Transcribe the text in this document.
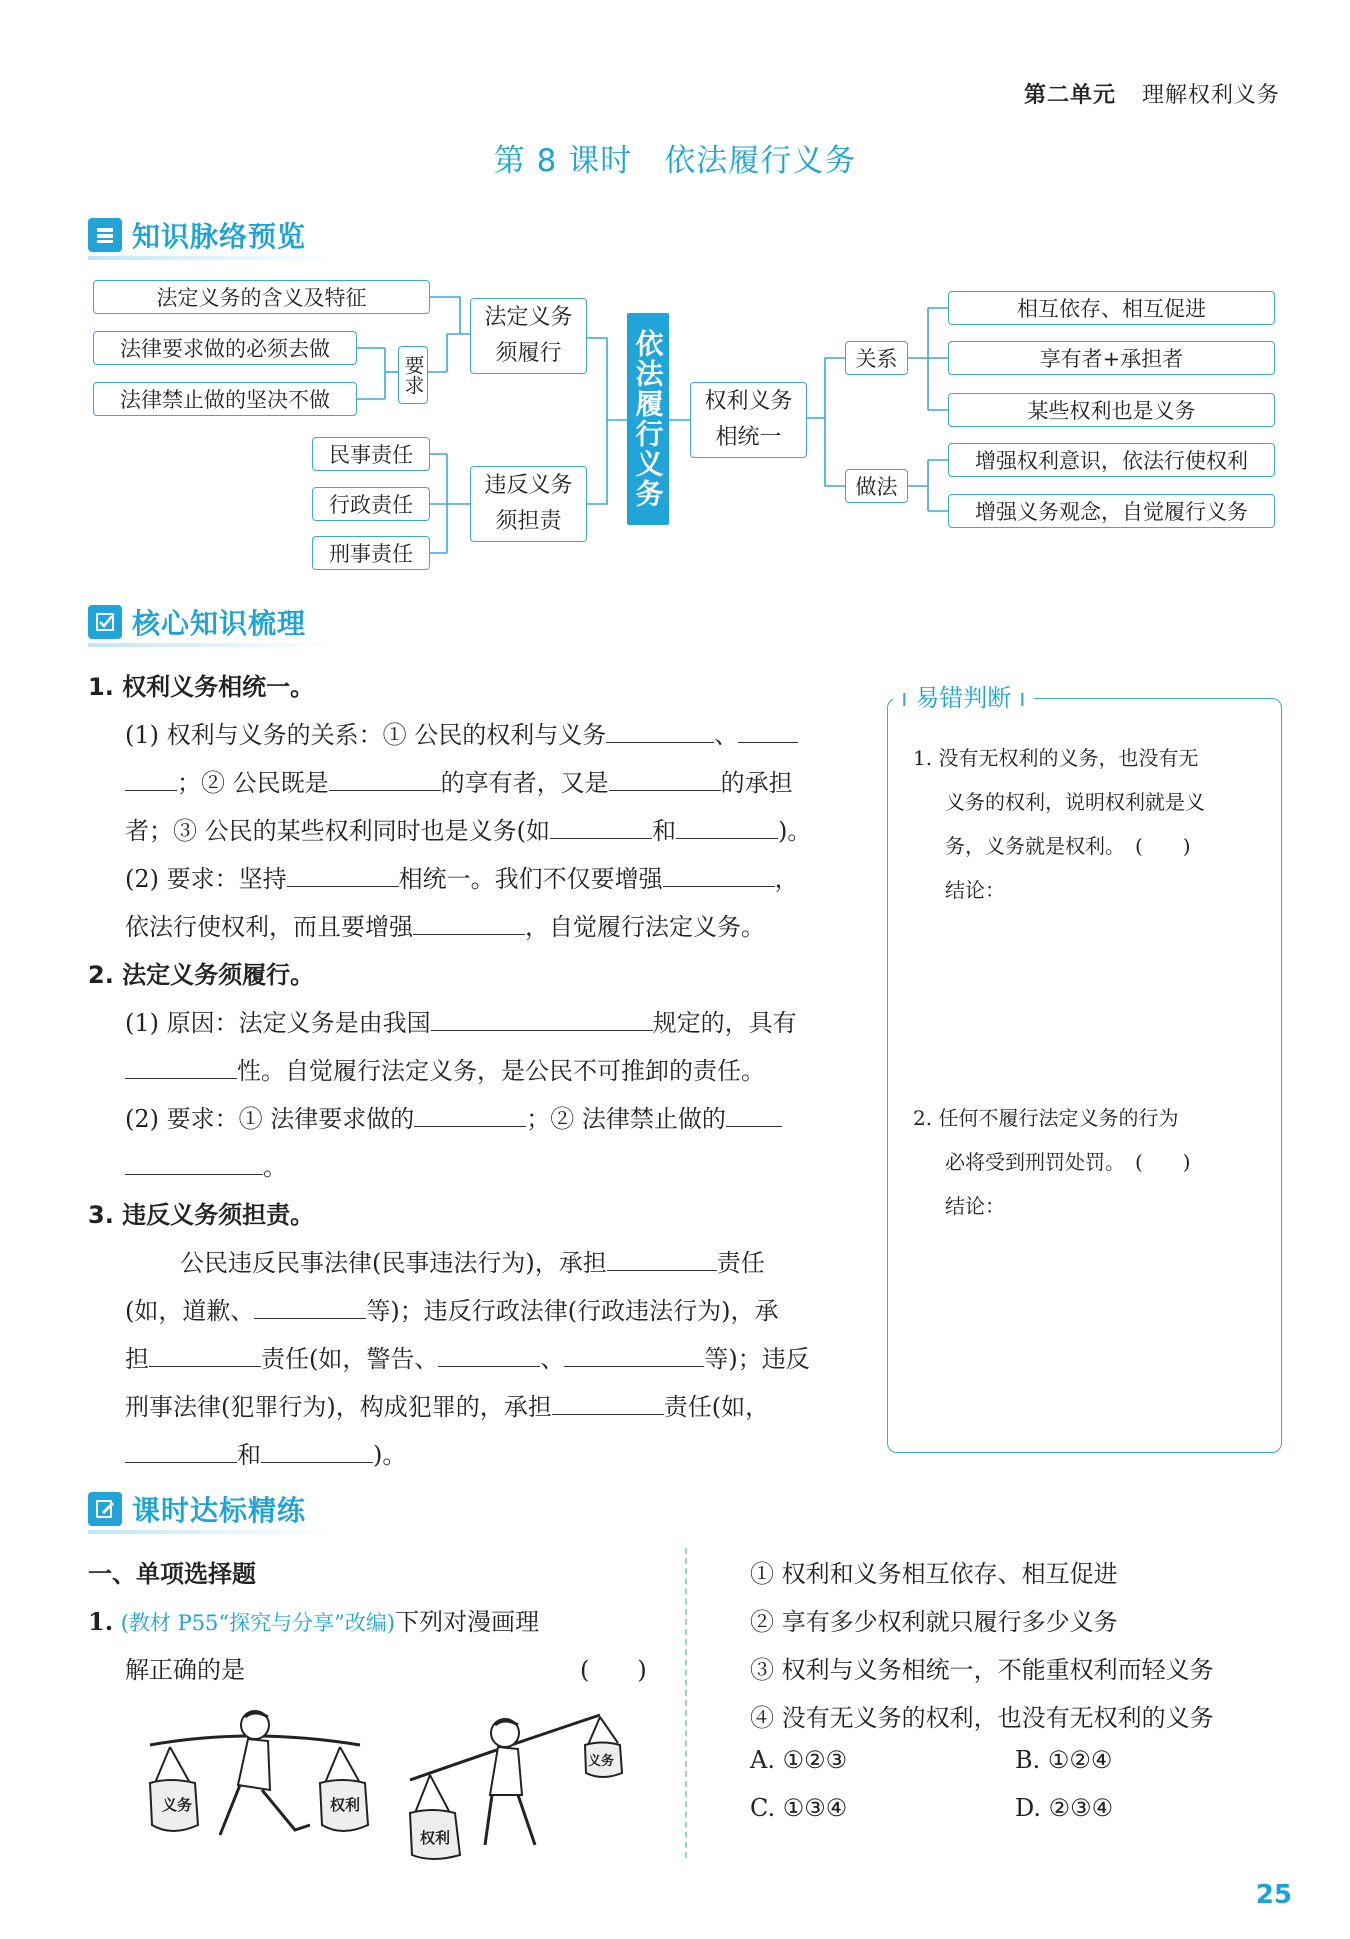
第二单元 理解权利义务
第 8 课时　依法履行义务
知识脉络预览
法定义务的含义及特征
法律要求做的必须去做
法律禁止做的坚决不做
要求
法定义务
须履行
民事责任
行政责任
刑事责任
违反义务
须担责
依法履行义务 权利义务
相统一
关系
做法
相互依存、相互促进
享有者+承担者
某些权利也是义务
增强权利意识，依法行使权利
增强义务观念，自觉履行义务
核心知识梳理
1. 权利义务相统一。
(1) 权利与义务的关系：① 公民的权利与义务	、
；② 公民既是	的享有者，又是	的承担
者；③ 公民的某些权利同时也是义务(如	和	)。
(2) 要求：坚持	相统一。我们不仅要增强	，
依法行使权利，而且要增强	，自觉履行法定义务。
2. 法定义务须履行。
(1) 原因：法定义务是由我国	规定的，具有
性。自觉履行法定义务，是公民不可推卸的责任。
(2) 要求：① 法律要求做的	；② 法律禁止做的
。
3. 违反义务须担责。
公民违反民事法律(民事违法行为)，承担	责任
(如，道歉、	等)；违反行政法律(行政违法行为)，承
担	责任(如，警告、	、	等)；违反
刑事法律(犯罪行为)，构成犯罪的，承担	责任(如，
和	)。
ı 易错判断 ı
1. 没有无权利的义务，也没有无
义务的权利，说明权利就是义
务，义务就是权利。　(　　)
结论：
2. 任何不履行法定义务的行为
必将受到刑罚处罚。　(　　)
结论：
课时达标精练
一、单项选择题
1. (教材 P55“探究与分享”改编)下列对漫画理
解正确的是	(　　)
义务	权利
权利
义务
① 权利和义务相互依存、相互促进
② 享有多少权利就只履行多少义务
③ 权利与义务相统一，不能重权利而轻义务
④ 没有无义务的权利，也没有无权利的义务
A. ①②③	B. ①②④
C. ①③④	D. ②③④
25
